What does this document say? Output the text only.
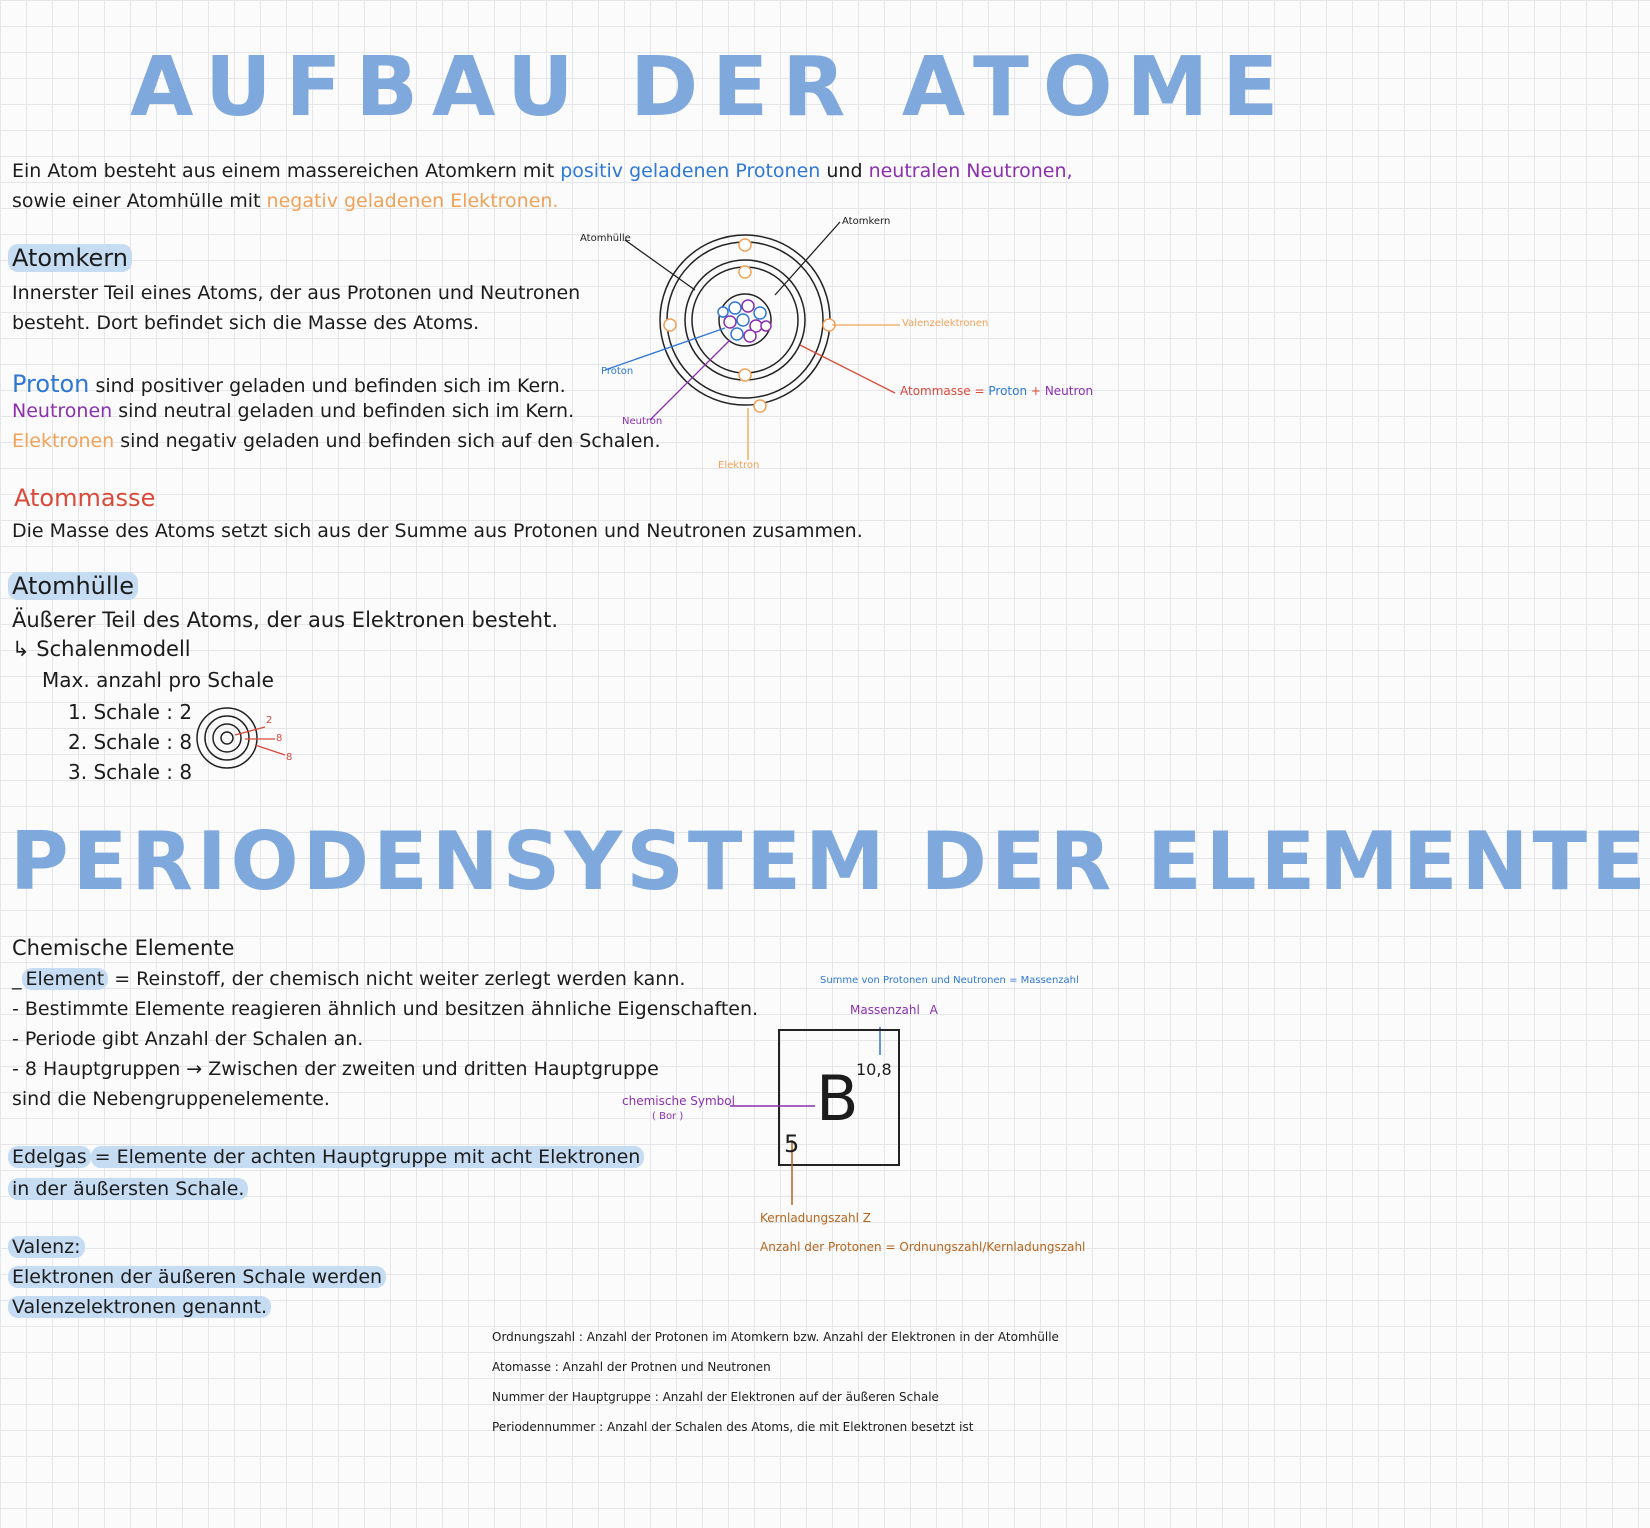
AUFBAU DER ATOME
Ein Atom besteht aus einem massereichen Atomkern mit positiv geladenen Protonen und neutralen Neutronen,
sowie einer Atomhülle mit negativ geladenen Elektronen.
Atomkern
Innerster Teil eines Atoms, der aus Protonen und Neutronen
besteht. Dort befindet sich die Masse des Atoms.
Proton sind positiver geladen und befinden sich im Kern.
Neutronen sind neutral geladen und befinden sich im Kern.
Elektronen sind negativ geladen und befinden sich auf den Schalen.
Atomhülle
Atomkern
Valenzelektronen
Proton
Neutron
Elektron
Atommasse = Proton + Neutron
Atommasse
Die Masse des Atoms setzt sich aus der Summe aus Protonen und Neutronen zusammen.
Atomhülle
Äußerer Teil des Atoms, der aus Elektronen besteht.
↳ Schalenmodell
Max. anzahl pro Schale
1. Schale : 2
2. Schale : 8
3. Schale : 8
2
8
8
PERIODENSYSTEM DER ELEMENTE
Chemische Elemente
_ Element = Reinstoff, der chemisch nicht weiter zerlegt werden kann.
- Bestimmte Elemente reagieren ähnlich und besitzen ähnliche Eigenschaften.
- Periode gibt Anzahl der Schalen an.
- 8 Hauptgruppen → Zwischen der zweiten und dritten Hauptgruppe
sind die Nebengruppenelemente.
Edelgas = Elemente der achten Hauptgruppe mit acht Elektronen
in der äußersten Schale.
Valenz:
Elektronen der äußeren Schale werden
Valenzelektronen genannt.
Summe von Protonen und Neutronen = Massenzahl
Massenzahl A
10,8
B
5
chemische Symbol
( Bor )
Kernladungszahl Z
Anzahl der Protonen = Ordnungszahl/Kernladungszahl
Ordnungszahl : Anzahl der Protonen im Atomkern bzw. Anzahl der Elektronen in der Atomhülle
Atomasse : Anzahl der Protnen und Neutronen
Nummer der Hauptgruppe : Anzahl der Elektronen auf der äußeren Schale
Periodennummer : Anzahl der Schalen des Atoms, die mit Elektronen besetzt ist
